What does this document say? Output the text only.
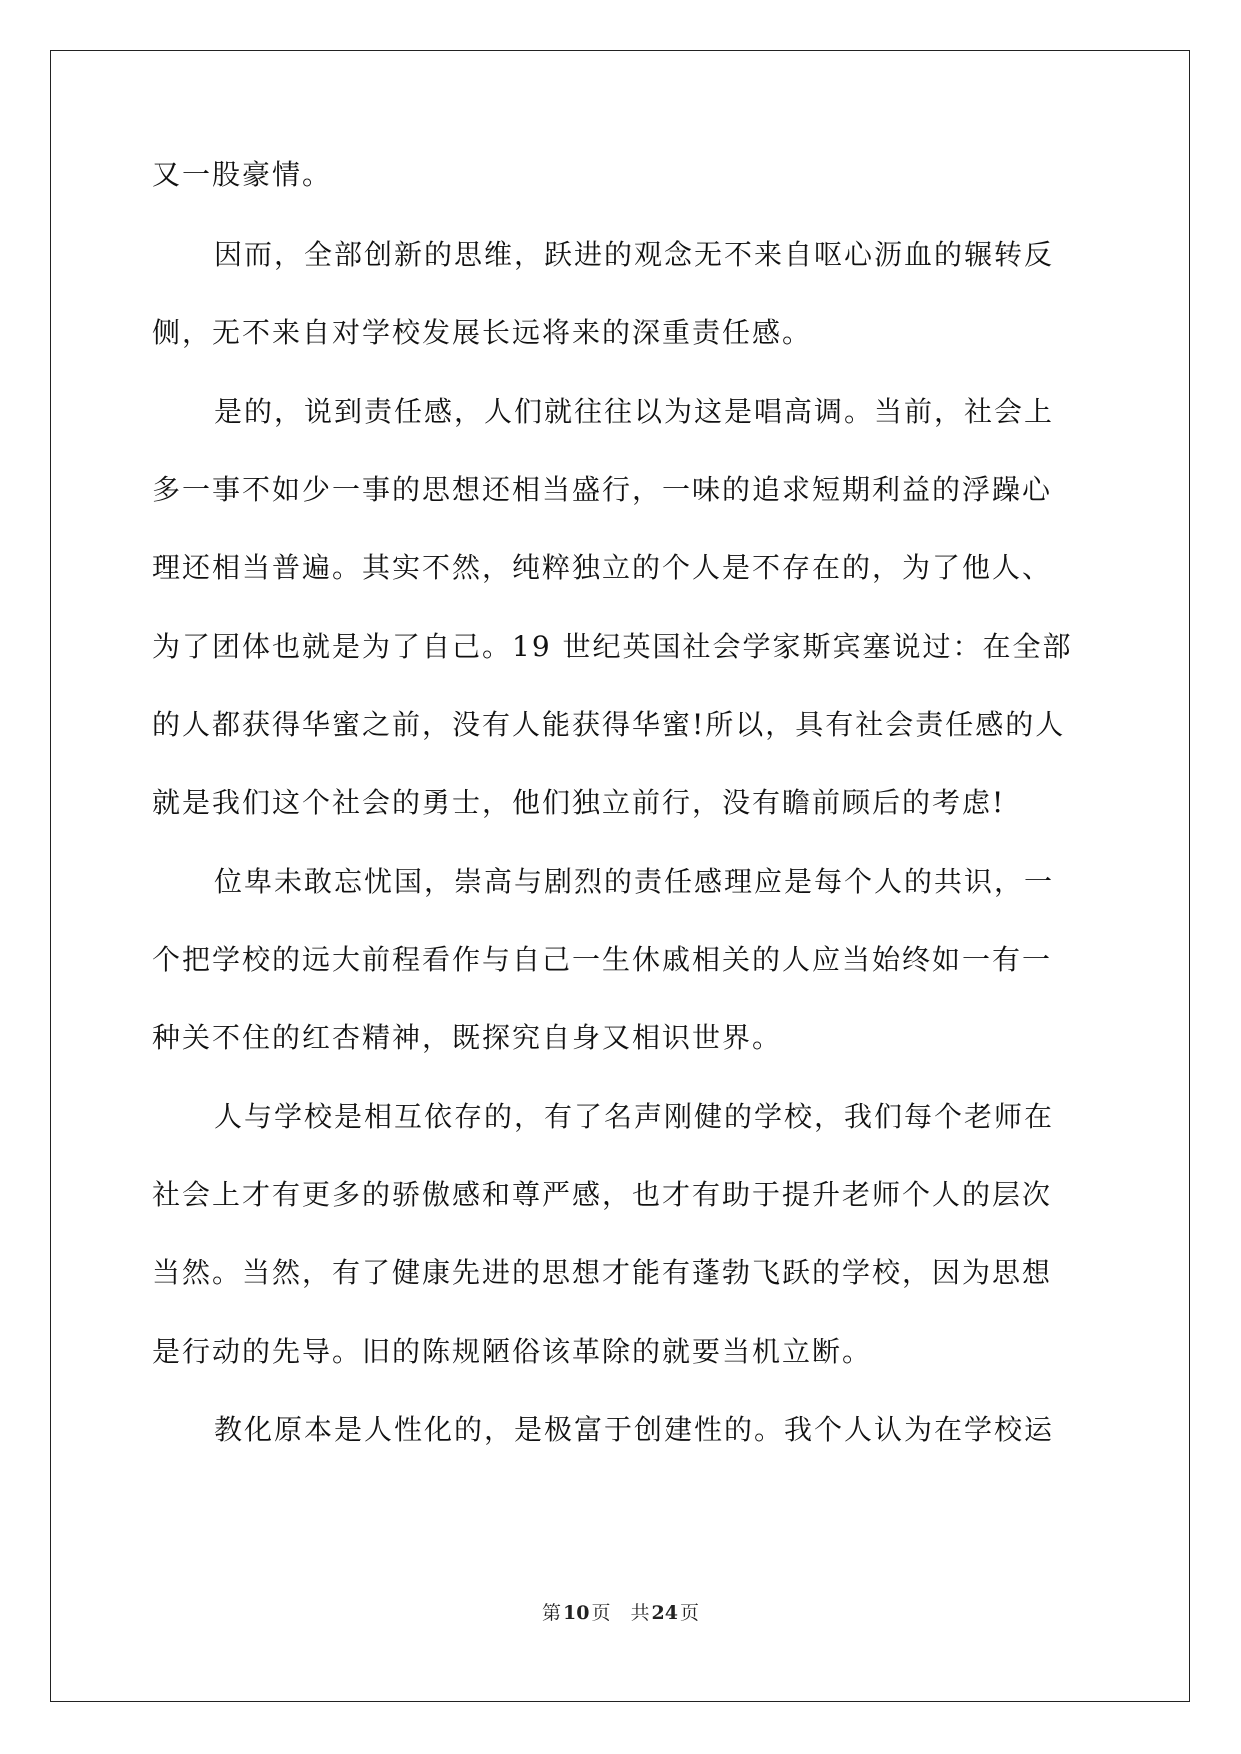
又一股豪情。
因而，全部创新的思维，跃进的观念无不来自呕心沥血的辗转反
侧，无不来自对学校发展长远将来的深重责任感。
是的，说到责任感，人们就往往以为这是唱高调。当前，社会上
多一事不如少一事的思想还相当盛行，一味的追求短期利益的浮躁心
理还相当普遍。其实不然，纯粹独立的个人是不存在的，为了他人、
为了团体也就是为了自己。19 世纪英国社会学家斯宾塞说过：在全部
的人都获得华蜜之前，没有人能获得华蜜!所以，具有社会责任感的人
就是我们这个社会的勇士，他们独立前行，没有瞻前顾后的考虑!
位卑未敢忘忧国，崇高与剧烈的责任感理应是每个人的共识，一
个把学校的远大前程看作与自己一生休戚相关的人应当始终如一有一
种关不住的红杏精神，既探究自身又相识世界。
人与学校是相互依存的，有了名声刚健的学校，我们每个老师在
社会上才有更多的骄傲感和尊严感，也才有助于提升老师个人的层次
当然。当然，有了健康先进的思想才能有蓬勃飞跃的学校，因为思想
是行动的先导。旧的陈规陋俗该革除的就要当机立断。
教化原本是人性化的，是极富于创建性的。我个人认为在学校运
第 10 页 共 24 页
